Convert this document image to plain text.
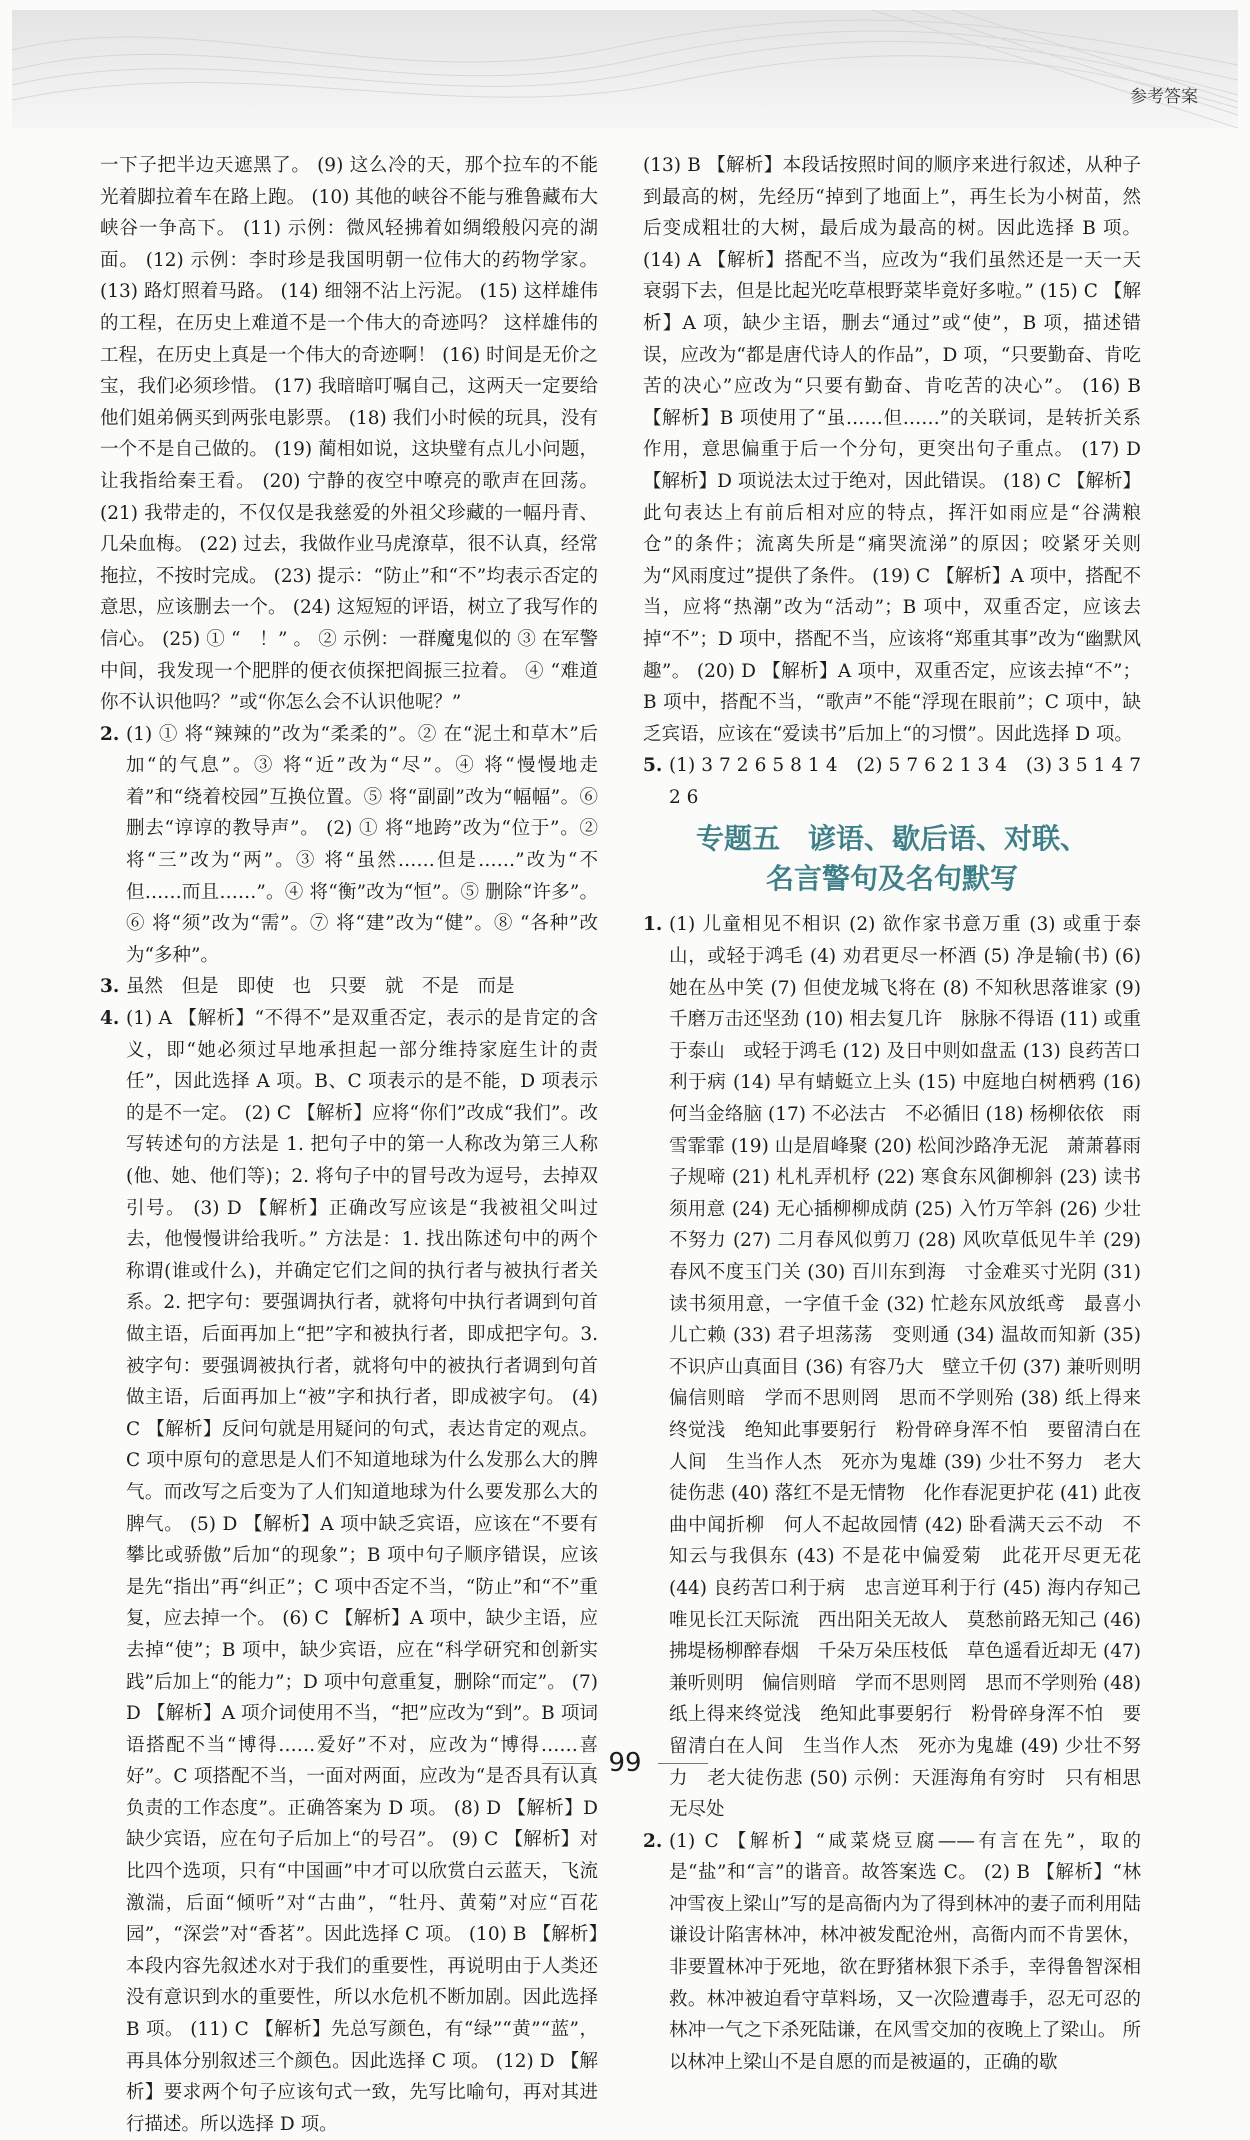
参考答案

一下子把半边天遮黑了。 (9) 这么冷的天，那个拉车的不能光着脚拉着车在路上跑。 (10) 其他的峡谷不能与雅鲁藏布大峡谷一争高下。 (11) 示例：微风轻拂着如绸缎般闪亮的湖面。 (12) 示例：李时珍是我国明朝一位伟大的药物学家。 (13) 路灯照着马路。 (14) 细翎不沾上污泥。 (15) 这样雄伟的工程，在历史上难道不是一个伟大的奇迹吗？ 这样雄伟的工程，在历史上真是一个伟大的奇迹啊！ (16) 时间是无价之宝，我们必须珍惜。 (17) 我暗暗叮嘱自己，这两天一定要给他们姐弟俩买到两张电影票。 (18) 我们小时候的玩具，没有一个不是自己做的。 (19) 蔺相如说，这块璧有点儿小问题，让我指给秦王看。 (20) 宁静的夜空中嘹亮的歌声在回荡。 (21) 我带走的，不仅仅是我慈爱的外祖父珍藏的一幅丹青、几朵血梅。 (22) 过去，我做作业马虎潦草，很不认真，经常拖拉，不按时完成。 (23) 提示：“防止”和“不”均表示否定的意思，应该删去一个。 (24) 这短短的评语，树立了我写作的信心。 (25) ① “　！” 。 ② 示例：一群魔鬼似的 ③ 在军警中间，我发现一个肥胖的便衣侦探把阎振三拉着。 ④ “难道你不认识他吗？”或“你怎么会不认识他呢？”

2. (1) ① 将“辣辣的”改为“柔柔的”。② 在“泥土和草木”后加“的气息”。③ 将“近”改为“尽”。④ 将“慢慢地走着”和“绕着校园”互换位置。⑤ 将“副副”改为“幅幅”。⑥ 删去“谆谆的教导声”。 (2) ① 将“地跨”改为“位于”。② 将“三”改为“两”。③ 将“虽然……但是……”改为“不但……而且……”。④ 将“衡”改为“恒”。⑤ 删除“许多”。⑥ 将“须”改为“需”。⑦ 将“建”改为“健”。⑧ “各种”改为“多种”。

3. 虽然　但是　即使　也　只要　就　不是　而是

4. (1) A 【解析】“不得不”是双重否定，表示的是肯定的含义，即“她必须过早地承担起一部分维持家庭生计的责任”，因此选择 A 项。B、C 项表示的是不能，D 项表示的是不一定。 (2) C 【解析】应将“你们”改成“我们”。改写转述句的方法是 1. 把句子中的第一人称改为第三人称(他、她、他们等)；2. 将句子中的冒号改为逗号，去掉双引号。 (3) D 【解析】正确改写应该是“我被祖父叫过去，他慢慢讲给我听。” 方法是：1. 找出陈述句中的两个称谓(谁或什么)，并确定它们之间的执行者与被执行者关系。2. 把字句：要强调执行者，就将句中执行者调到句首做主语，后面再加上“把”字和被执行者，即成把字句。3. 被字句：要强调被执行者，就将句中的被执行者调到句首做主语，后面再加上“被”字和执行者，即成被字句。 (4) C 【解析】反问句就是用疑问的句式，表达肯定的观点。C 项中原句的意思是人们不知道地球为什么发那么大的脾气。而改写之后变为了人们知道地球为什么要发那么大的脾气。 (5) D 【解析】A 项中缺乏宾语，应该在“不要有攀比或骄傲”后加“的现象”；B 项中句子顺序错误，应该是先“指出”再“纠正”；C 项中否定不当，“防止”和“不”重复，应去掉一个。 (6) C 【解析】A 项中，缺少主语，应去掉“使”；B 项中，缺少宾语，应在“科学研究和创新实践”后加上“的能力”；D 项中句意重复，删除“而定”。 (7) D 【解析】A 项介词使用不当，“把”应改为“到”。B 项词语搭配不当“博得……爱好”不对，应改为“博得……喜好”。C 项搭配不当，一面对两面，应改为“是否具有认真负责的工作态度”。正确答案为 D 项。 (8) D 【解析】D 缺少宾语，应在句子后加上“的号召”。 (9) C 【解析】对比四个选项，只有“中国画”中才可以欣赏白云蓝天，飞流激湍，后面“倾听”对“古曲”，“牡丹、黄菊”对应“百花园”，“深尝”对“香茗”。因此选择 C 项。 (10) B 【解析】本段内容先叙述水对于我们的重要性，再说明由于人类还没有意识到水的重要性，所以水危机不断加剧。因此选择 B 项。 (11) C 【解析】先总写颜色，有“绿”“黄”“蓝”，再具体分别叙述三个颜色。因此选择 C 项。 (12) D 【解析】要求两个句子应该句式一致，先写比喻句，再对其进行描述。所以选择 D 项。

(13) B 【解析】本段话按照时间的顺序来进行叙述，从种子到最高的树，先经历“掉到了地面上”，再生长为小树苗，然后变成粗壮的大树，最后成为最高的树。因此选择 B 项。 (14) A 【解析】搭配不当，应改为“我们虽然还是一天一天衰弱下去，但是比起光吃草根野菜毕竟好多啦。” (15) C 【解析】A 项，缺少主语，删去“通过”或“使”，B 项，描述错误，应改为“都是唐代诗人的作品”，D 项，“只要勤奋、肯吃苦的决心”应改为“只要有勤奋、肯吃苦的决心”。 (16) B 【解析】B 项使用了“虽……但……”的关联词，是转折关系作用，意思偏重于后一个分句，更突出句子重点。 (17) D 【解析】D 项说法太过于绝对，因此错误。 (18) C 【解析】此句表达上有前后相对应的特点，挥汗如雨应是“谷满粮仓”的条件；流离失所是“痛哭流涕”的原因；咬紧牙关则为“风雨度过”提供了条件。 (19) C 【解析】A 项中，搭配不当，应将“热潮”改为“活动”；B 项中，双重否定，应该去掉“不”；D 项中，搭配不当，应该将“郑重其事”改为“幽默风趣”。 (20) D 【解析】A 项中，双重否定，应该去掉“不”；B 项中，搭配不当，“歌声”不能“浮现在眼前”；C 项中，缺乏宾语，应该在“爱读书”后加上“的习惯”。因此选择 D 项。

5. (1) 3 7 2 6 5 8 1 4　(2) 5 7 6 2 1 3 4　(3) 3 5 1 4 7 2 6

专题五　谚语、歇后语、对联、
名言警句及名句默写

1. (1) 儿童相见不相识 (2) 欲作家书意万重 (3) 或重于泰山，或轻于鸿毛 (4) 劝君更尽一杯酒 (5) 净是输(书) (6) 她在丛中笑 (7) 但使龙城飞将在 (8) 不知秋思落谁家 (9) 千磨万击还坚劲 (10) 相去复几许　脉脉不得语 (11) 或重于泰山　或轻于鸿毛 (12) 及日中则如盘盂 (13) 良药苦口利于病 (14) 早有蜻蜓立上头 (15) 中庭地白树栖鸦 (16) 何当金络脑 (17) 不必法古　不必循旧 (18) 杨柳依依　雨雪霏霏 (19) 山是眉峰聚 (20) 松间沙路净无泥　萧萧暮雨子规啼 (21) 札札弄机杼 (22) 寒食东风御柳斜 (23) 读书须用意 (24) 无心插柳柳成荫 (25) 入竹万竿斜 (26) 少壮不努力 (27) 二月春风似剪刀 (28) 风吹草低见牛羊 (29) 春风不度玉门关 (30) 百川东到海　寸金难买寸光阴 (31) 读书须用意，一字值千金 (32) 忙趁东风放纸鸢　最喜小儿亡赖 (33) 君子坦荡荡　变则通 (34) 温故而知新 (35) 不识庐山真面目 (36) 有容乃大　壁立千仞 (37) 兼听则明　偏信则暗　学而不思则罔　思而不学则殆 (38) 纸上得来终觉浅　绝知此事要躬行　粉骨碎身浑不怕　要留清白在人间　生当作人杰　死亦为鬼雄 (39) 少壮不努力　老大徒伤悲 (40) 落红不是无情物　化作春泥更护花 (41) 此夜曲中闻折柳　何人不起故园情 (42) 卧看满天云不动　不知云与我俱东 (43) 不是花中偏爱菊　此花开尽更无花 (44) 良药苦口利于病　忠言逆耳利于行 (45) 海内存知己　唯见长江天际流　西出阳关无故人　莫愁前路无知己 (46) 拂堤杨柳醉春烟　千朵万朵压枝低　草色遥看近却无 (47) 兼听则明　偏信则暗　学而不思则罔　思而不学则殆 (48) 纸上得来终觉浅　绝知此事要躬行　粉骨碎身浑不怕　要留清白在人间　生当作人杰　死亦为鬼雄 (49) 少壮不努力　老大徒伤悲 (50) 示例：天涯海角有穷时　只有相思无尽处

2. (1) C 【解析】“咸菜烧豆腐——有言在先”，取的是“盐”和“言”的谐音。故答案选 C。 (2) B 【解析】“林冲雪夜上梁山”写的是高衙内为了得到林冲的妻子而利用陆谦设计陷害林冲，林冲被发配沧州，高衙内而不肯罢休，非要置林冲于死地，欲在野猪林狠下杀手，幸得鲁智深相救。林冲被迫看守草料场，又一次险遭毒手，忍无可忍的林冲一气之下杀死陆谦，在风雪交加的夜晚上了梁山。 所以林冲上梁山不是自愿的而是被逼的，正确的歇

99
